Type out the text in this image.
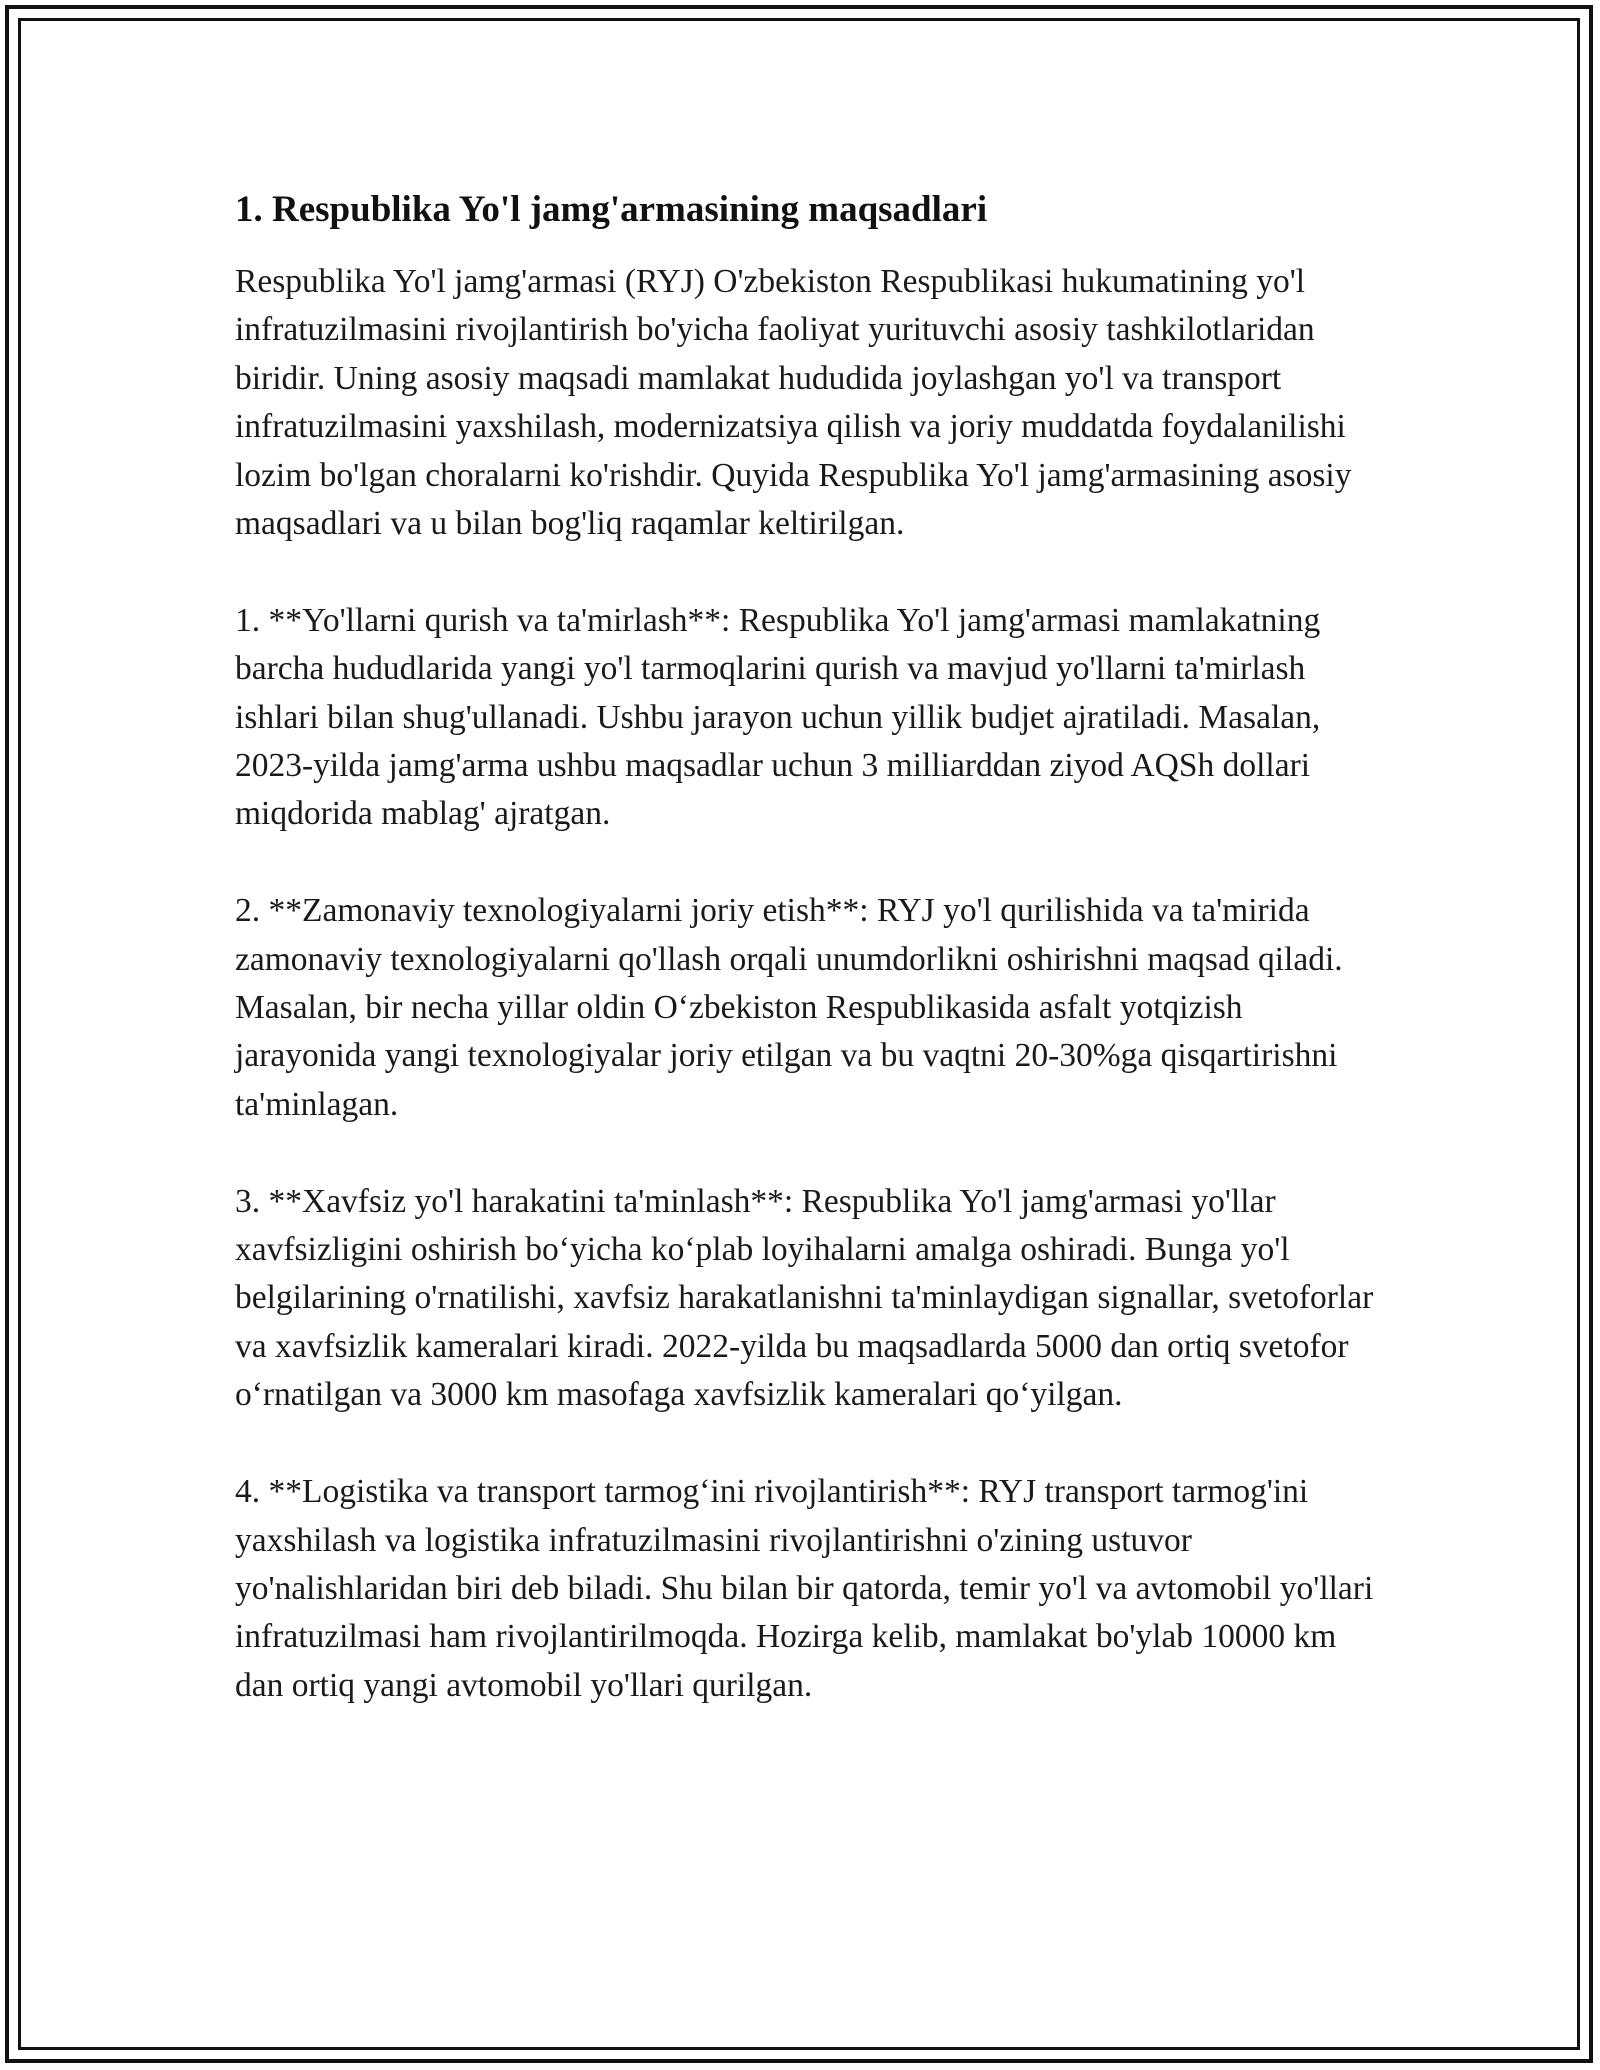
1. Respublika Yo'l jamg'armasining maqsadlari

Respublika Yo'l jamg'armasi (RYJ) O'zbekiston Respublikasi hukumatining yo'l infratuzilmasini rivojlantirish bo'yicha faoliyat yurituvchi asosiy tashkilotlaridan biridir. Uning asosiy maqsadi mamlakat hududida joylashgan yo'l va transport infratuzilmasini yaxshilash, modernizatsiya qilish va joriy muddatda foydalanilishi lozim bo'lgan choralarni ko'rishdir. Quyida Respublika Yo'l jamg'armasining asosiy maqsadlari va u bilan bog'liq raqamlar keltirilgan.

1. **Yo'llarni qurish va ta'mirlash**: Respublika Yo'l jamg'armasi mamlakatning barcha hududlarida yangi yo'l tarmoqlarini qurish va mavjud yo'llarni ta'mirlash ishlari bilan shug'ullanadi. Ushbu jarayon uchun yillik budjet ajratiladi. Masalan, 2023-yilda jamg'arma ushbu maqsadlar uchun 3 milliarddan ziyod AQSh dollari miqdorida mablag' ajratgan.

2. **Zamonaviy texnologiyalarni joriy etish**: RYJ yo'l qurilishida va ta'mirida zamonaviy texnologiyalarni qo'llash orqali unumdorlikni oshirishni maqsad qiladi. Masalan, bir necha yillar oldin O‘zbekiston Respublikasida asfalt yotqizish jarayonida yangi texnologiyalar joriy etilgan va bu vaqtni 20-30%ga qisqartirishni ta'minlagan.

3. **Xavfsiz yo'l harakatini ta'minlash**: Respublika Yo'l jamg'armasi yo'llar xavfsizligini oshirish bo‘yicha ko‘plab loyihalarni amalga oshiradi. Bunga yo'l belgilarining o'rnatilishi, xavfsiz harakatlanishni ta'minlaydigan signallar, svetoforlar va xavfsizlik kameralari kiradi. 2022-yilda bu maqsadlarda 5000 dan ortiq svetofor o‘rnatilgan va 3000 km masofaga xavfsizlik kameralari qo‘yilgan.

4. **Logistika va transport tarmog‘ini rivojlantirish**: RYJ transport tarmog'ini yaxshilash va logistika infratuzilmasini rivojlantirishni o'zining ustuvor yo'nalishlaridan biri deb biladi. Shu bilan bir qatorda, temir yo'l va avtomobil yo'llari infratuzilmasi ham rivojlantirilmoqda. Hozirga kelib, mamlakat bo'ylab 10000 km dan ortiq yangi avtomobil yo'llari qurilgan.
